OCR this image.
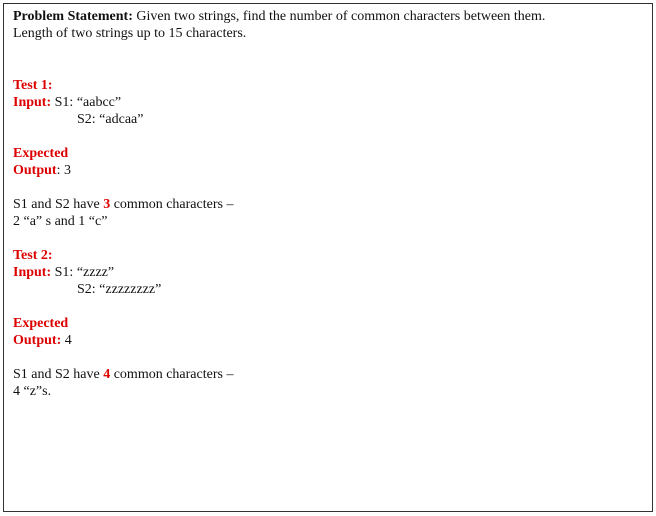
Problem Statement: Given two strings, find the number of common characters between them.
Length of two strings up to 15 characters.
Test 1:
Input: S1: “aabcc”
S2: “adcaa”
Expected
Output: 3
S1 and S2 have 3 common characters –
2 “a” s and 1 “c”
Test 2:
Input: S1: “zzzz”
S2: “zzzzzzzz”
Expected
Output: 4
S1 and S2 have 4 common characters –
4 “z”s.
